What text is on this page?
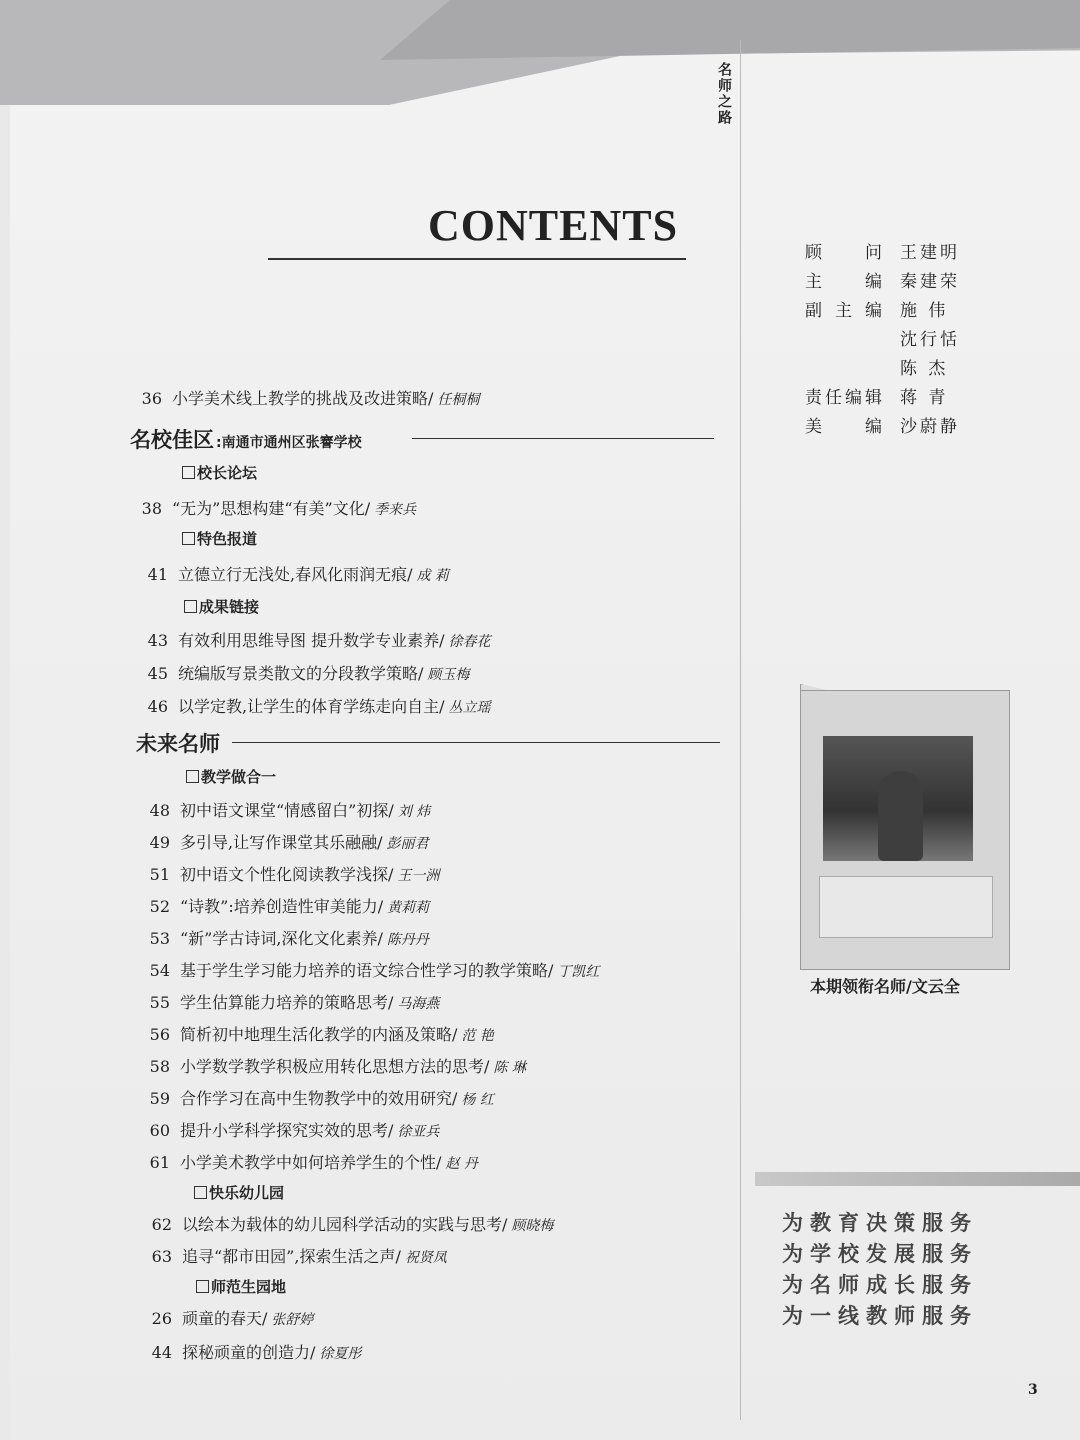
名师之路
CONTENTS
顾	问 王建明
主	编 秦建荣
副 主 编 施 伟
沈行恬
陈 杰
责 任 编 辑 蒋 青
美	编 沙蔚静
36 小学美术线上教学的挑战及改进策略/ 任桐桐
名校佳区 :南通市通州区张謇学校
校长论坛
38 “无为”思想构建“有美”文化/ 季来兵
特色报道
41 立德立行无浅处,春风化雨润无痕/ 成 莉
成果链接
43 有效利用思维导图 提升数学专业素养/ 徐春花
45 统编版写景类散文的分段教学策略/ 顾玉梅
46 以学定教,让学生的体育学练走向自主/ 丛立瑶
未来名师
教学做合一
48 初中语文课堂“情感留白”初探/ 刘 炜
49 多引导,让写作课堂其乐融融/ 彭丽君
51 初中语文个性化阅读教学浅探/ 王一洲
52 “诗教”:培养创造性审美能力/ 黄莉莉
53 “新”学古诗词,深化文化素养/ 陈丹丹
54 基于学生学习能力培养的语文综合性学习的教学策略/ 丁凯红
55 学生估算能力培养的策略思考/ 马海燕
56 简析初中地理生活化教学的内涵及策略/ 范 艳
58 小学数学教学积极应用转化思想方法的思考/ 陈 琳
59 合作学习在高中生物教学中的效用研究/ 杨 红
60 提升小学科学探究实效的思考/ 徐亚兵
61 小学美术教学中如何培养学生的个性/ 赵 丹
快乐幼儿园
62 以绘本为载体的幼儿园科学活动的实践与思考/ 顾晓梅
63 追寻“都市田园”,探索生活之声/ 祝贤凤
师范生园地
26 顽童的春天/ 张舒婷
44 探秘顽童的创造力/ 徐夏彤
本期领衔名师/文云全
为教育决策服务
为学校发展服务
为名师成长服务
为一线教师服务
3
